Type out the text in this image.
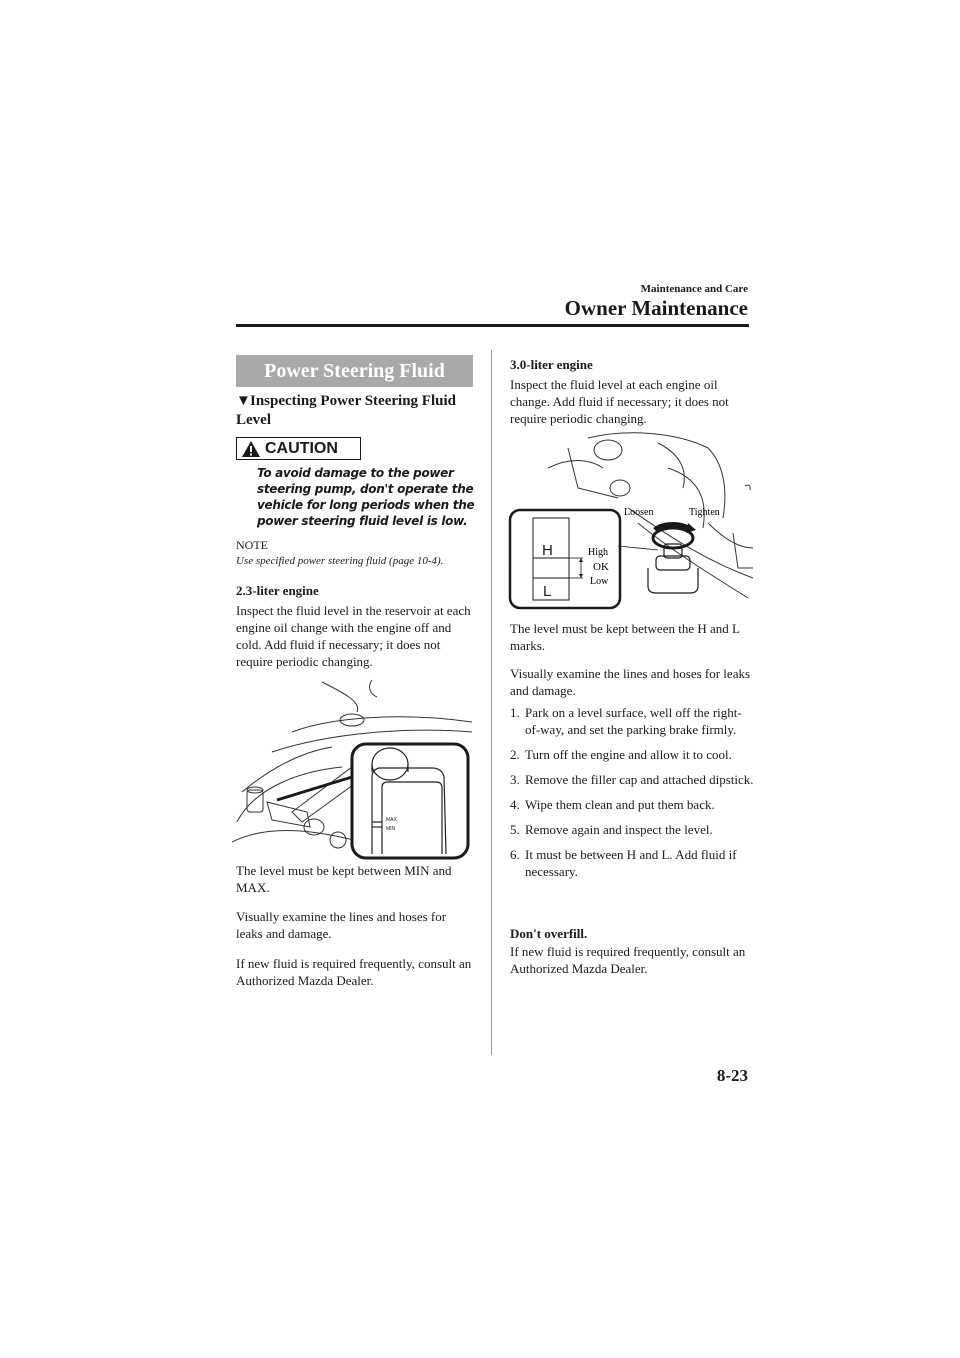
Maintenance and Care
Owner Maintenance
Power Steering Fluid
▼Inspecting Power Steering Fluid Level
CAUTION
To avoid damage to the power steering pump, don't operate the vehicle for long periods when the power steering fluid level is low.
NOTE
Use specified power steering fluid (page 10-4).
2.3-liter engine
Inspect the fluid level in the reservoir at each engine oil change with the engine off and cold. Add fluid if necessary; it does not require periodic changing.
MAX
MIN
The level must be kept between MIN and MAX.
Visually examine the lines and hoses for leaks and damage.
If new fluid is required frequently, consult an Authorized Mazda Dealer.
3.0-liter engine
Inspect the fluid level at each engine oil change. Add fluid if necessary; it does not require periodic changing.
H
L
High
OK
Low
Loosen	Tighten
The level must be kept between the H and L marks.
Visually examine the lines and hoses for leaks and damage.
1. Park on a level surface, well off the right-of-way, and set the parking brake firmly.
2. Turn off the engine and allow it to cool.
3. Remove the filler cap and attached dipstick.
4. Wipe them clean and put them back.
5. Remove again and inspect the level.
6. It must be between H and L. Add fluid if necessary.
Don't overfill.
If new fluid is required frequently, consult an Authorized Mazda Dealer.
8-23
